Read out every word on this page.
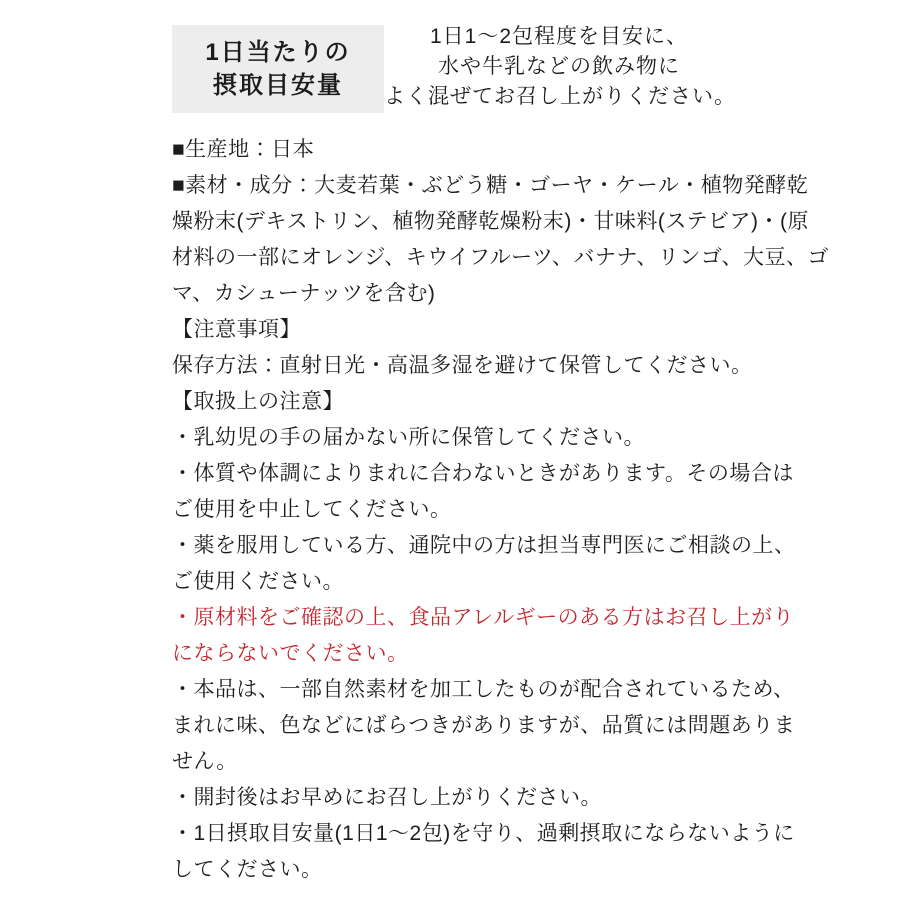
1日当たりの
摂取目安量
1日1〜2包程度を目安に、
水や牛乳などの飲み物に
よく混ぜてお召し上がりください。

■生産地：日本

■素材・成分：大麦若葉・ぶどう糖・ゴーヤ・ケール・植物発酵乾

燥粉末(デキストリン、植物発酵乾燥粉末)・甘味料(ステビア)・(原

材料の一部にオレンジ、キウイフルーツ、バナナ、リンゴ、大豆、ゴ

マ、カシューナッツを含む)

【注意事項】

保存方法：直射日光・高温多湿を避けて保管してください。

【取扱上の注意】

・乳幼児の手の届かない所に保管してください。

・体質や体調によりまれに合わないときがあります。その場合は

ご使用を中止してください。

・薬を服用している方、通院中の方は担当専門医にご相談の上、

ご使用ください。

・原材料をご確認の上、食品アレルギーのある方はお召し上がり

にならないでください。

・本品は、一部自然素材を加工したものが配合されているため、

まれに味、色などにばらつきがありますが、品質には問題ありま

せん。

・開封後はお早めにお召し上がりください。

・1日摂取目安量(1日1〜2包)を守り、過剰摂取にならないように

してください。
